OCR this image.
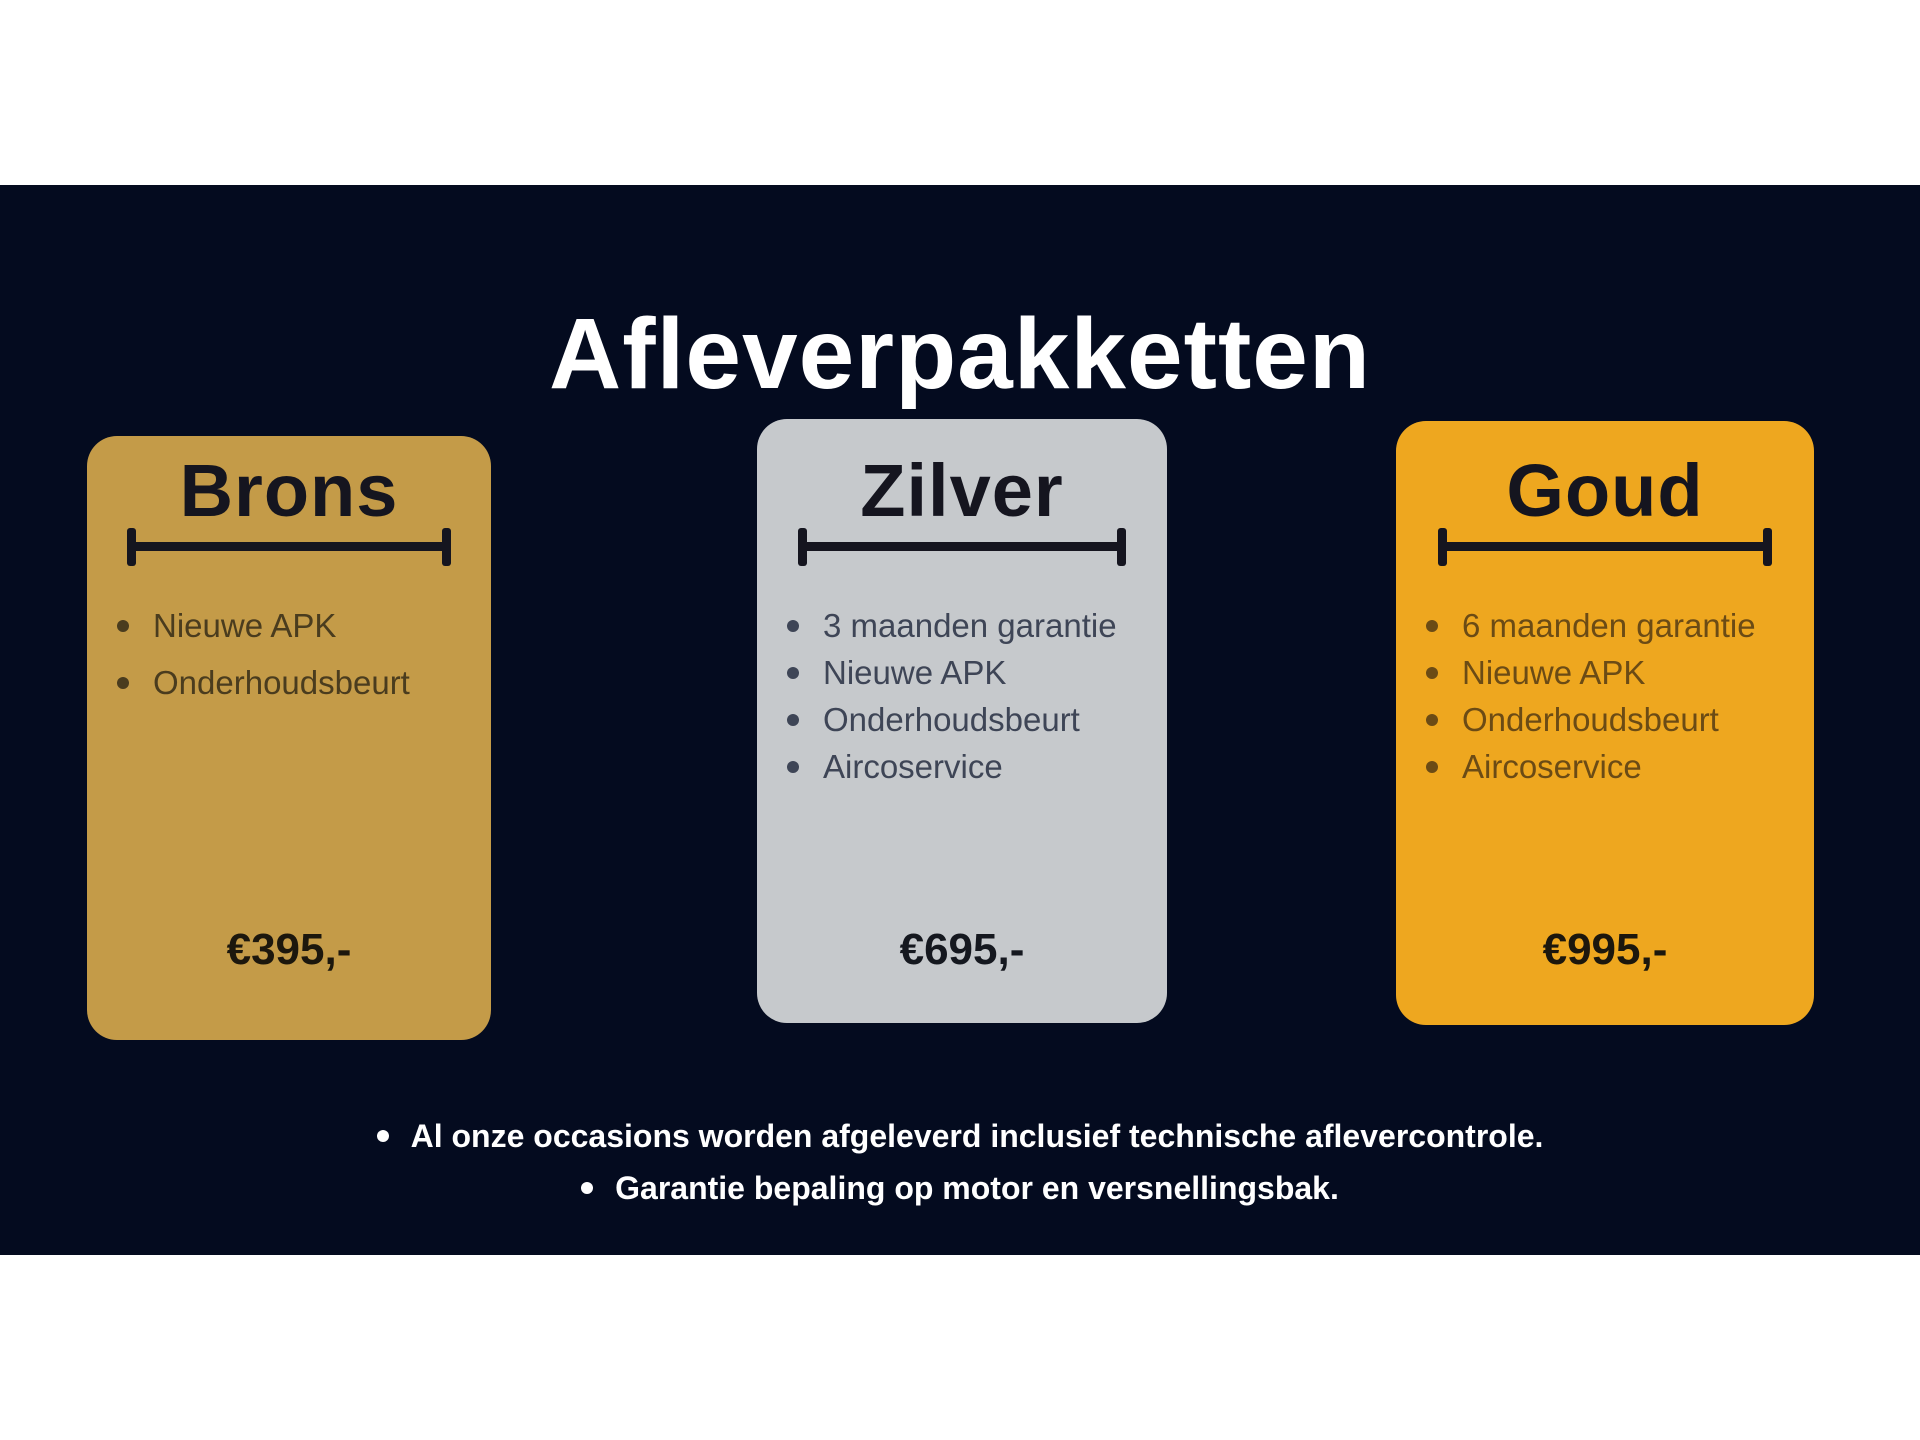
Afleverpakketten
Brons
Nieuwe APK
Onderhoudsbeurt
€395,-
Zilver
3 maanden garantie
Nieuwe APK
Onderhoudsbeurt
Aircoservice
€695,-
Goud
6 maanden garantie
Nieuwe APK
Onderhoudsbeurt
Aircoservice
€995,-
Al onze occasions worden afgeleverd inclusief technische aflevercontrole.
Garantie bepaling op motor en versnellingsbak.
